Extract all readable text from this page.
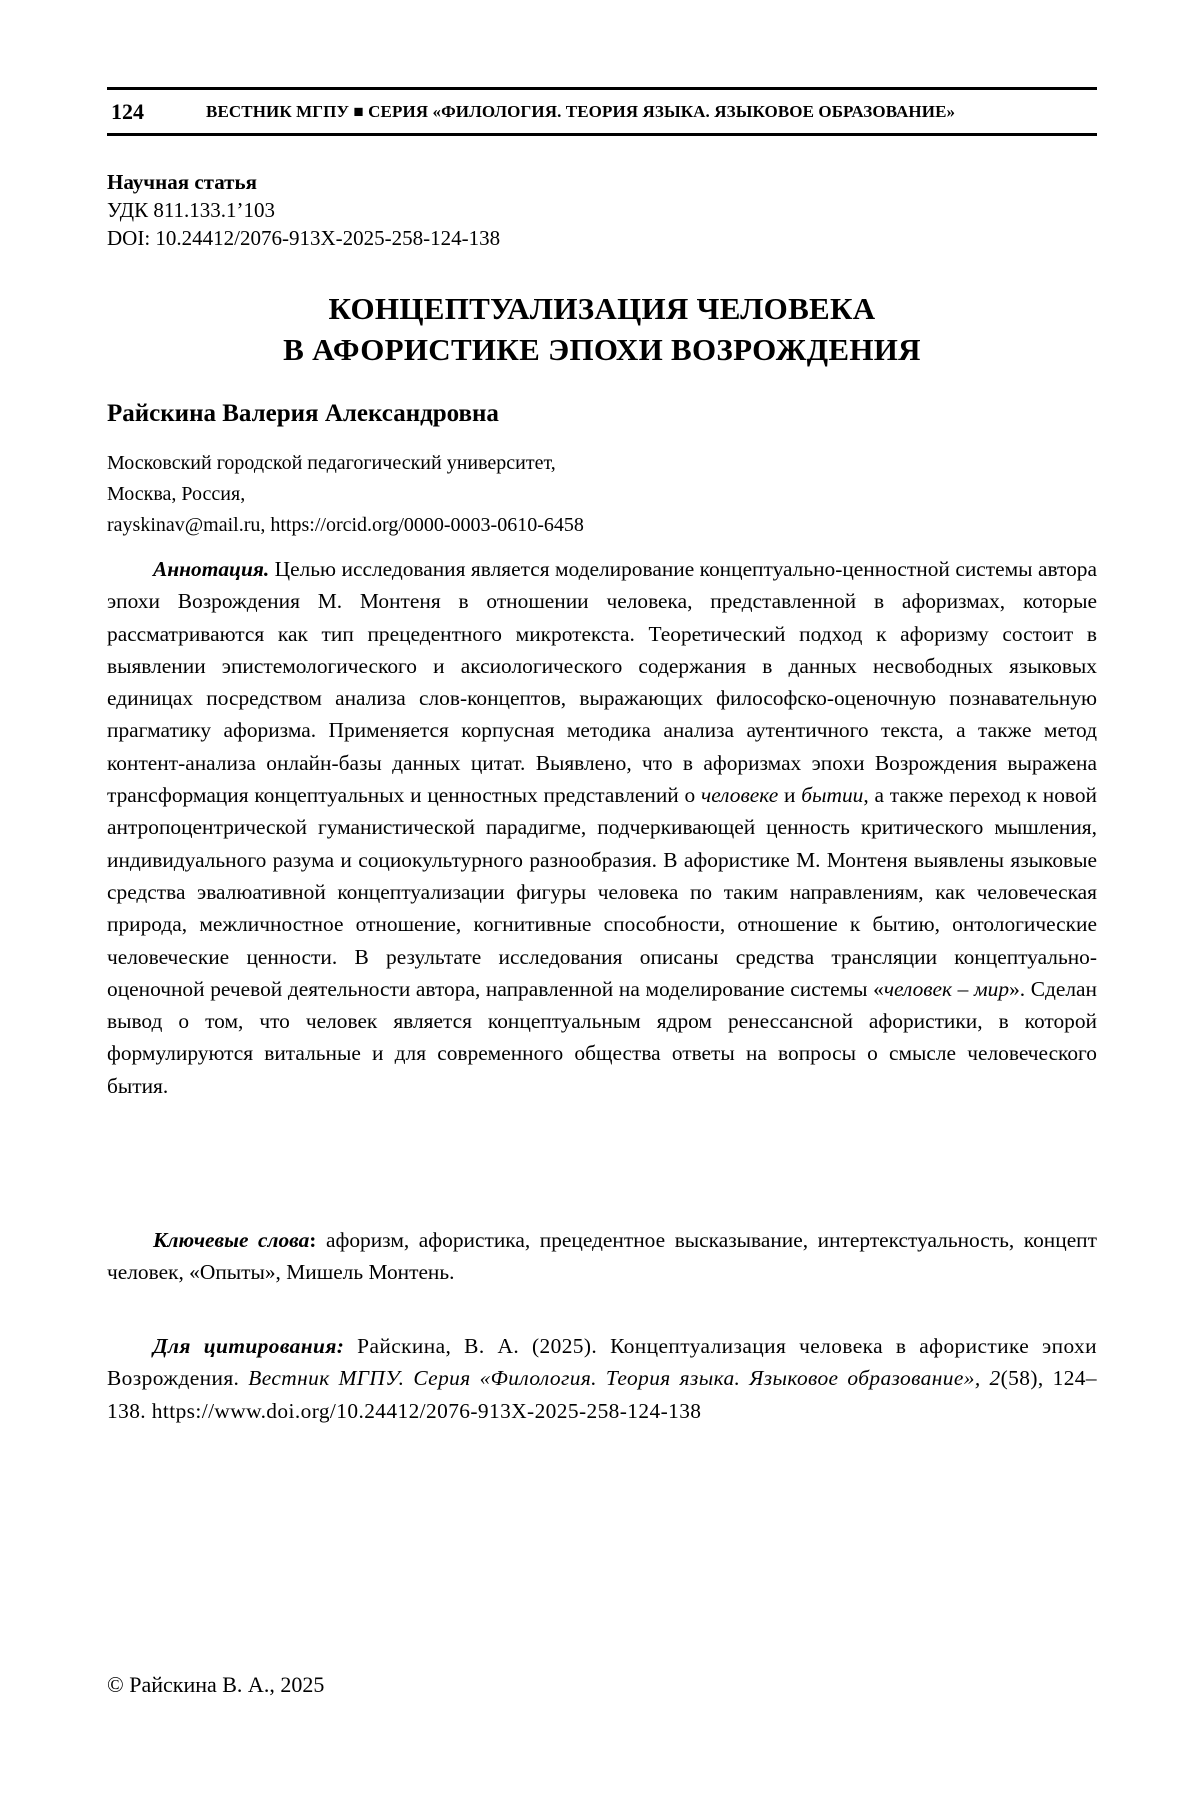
124	ВЕСТНИК МГПУ ■ СЕРИЯ «ФИЛОЛОГИЯ. ТЕОРИЯ ЯЗЫКА. ЯЗЫКОВОЕ ОБРАЗОВАНИЕ»
Научная статья
УДК 811.133.1’103
DOI: 10.24412/2076-913X-2025-258-124-138
КОНЦЕПТУАЛИЗАЦИЯ ЧЕЛОВЕКА
В АФОРИСТИКЕ ЭПОХИ ВОЗРОЖДЕНИЯ
Райскина Валерия Александровна
Московский городской педагогический университет,
Москва, Россия,
rayskinav@mail.ru, https://orcid.org/0000-0003-0610-6458
Аннотация. Целью исследования является моделирование концептуально-ценностной системы автора эпохи Возрождения М. Монтеня в отношении человека, представленной в афоризмах, которые рассматриваются как тип прецедентного микротекста. Теоретический подход к афоризму состоит в выявлении эпистемологического и аксиологического содержания в данных несвободных языковых единицах посредством анализа слов-концептов, выражающих философско-оценочную познавательную прагматику афоризма. Применяется корпусная методика анализа аутентичного текста, а также метод контент-анализа онлайн-базы данных цитат. Выявлено, что в афоризмах эпохи Возрождения выражена трансформация концептуальных и ценностных представлений о человеке и бытии, а также переход к новой антропоцентрической гуманистической парадигме, подчеркивающей ценность критического мышления, индивидуального разума и социокультурного разнообразия. В афористике М. Монтеня выявлены языковые средства эвалюативной концептуализации фигуры человека по таким направлениям, как человеческая природа, межличностное отношение, когнитивные способности, отношение к бытию, онтологические человеческие ценности. В результате исследования описаны средства трансляции концептуально-оценочной речевой деятельности автора, направленной на моделирование системы «человек – мир». Сделан вывод о том, что человек является концептуальным ядром ренессансной афористики, в которой формулируются витальные и для современного общества ответы на вопросы о смысле человеческого бытия.
Ключевые слова: афоризм, афористика, прецедентное высказывание, интертекстуальность, концепт человек, «Опыты», Мишель Монтень.
Для цитирования: Райскина, В. А. (2025). Концептуализация человека в афористике эпохи Возрождения. Вестник МГПУ. Серия «Филология. Теория языка. Языковое образование», 2(58), 124–138. https://www.doi.org/10.24412/2076-913X-2025-258-124-138
© Райскина В. А., 2025
